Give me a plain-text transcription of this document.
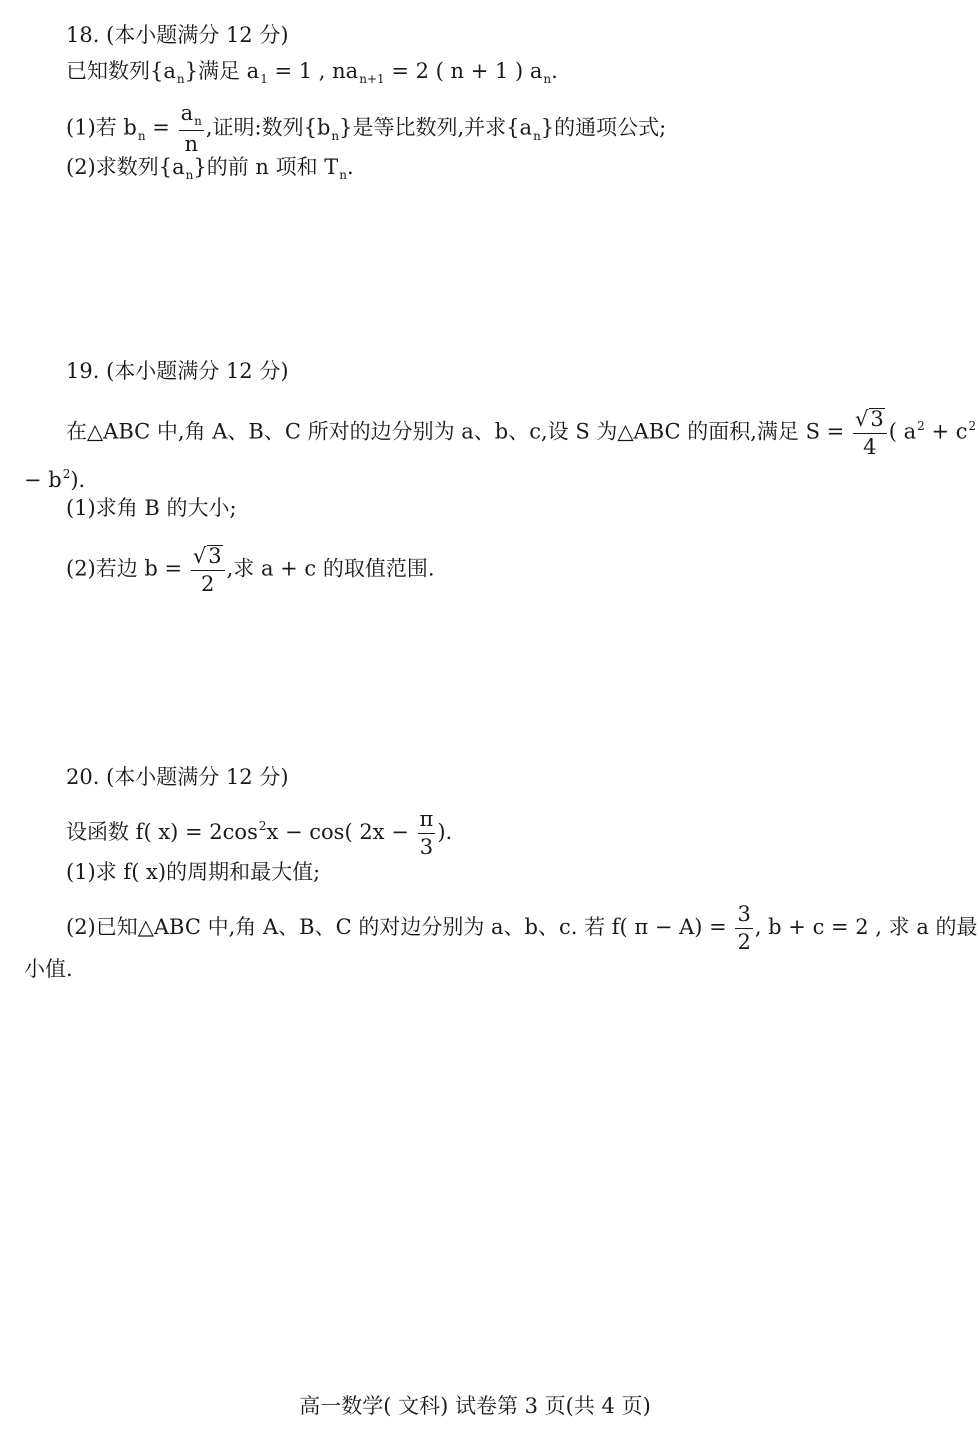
18. (本小题满分 12 分)
已知数列$\{a_n\}$满足 $a_1 = 1$ , $na_{n+1} = 2$ ( n + 1 ) $a_n$.
(1)若 $b_n = \frac{a_n}{n}$ ,证明:数列$\{b_n\}$是等比数列,并求$\{a_n\}$的通项公式;
(2)求数列$\{a_n\}$的前 n 项和 $T_n$.
19. (本小题满分 12 分)
在△ABC 中,角 A、B、C 所对的边分别为 a、b、c,设 S 为△ABC 的面积,满足 $S = \frac{√3}{4}$ ( $a^2 + c^2$
− $b^2$).
(1)求角 B 的大小;
(2)若边 $b = \frac{√3}{2}$ ,求 a + c 的取值范围.
20. (本小题满分 12 分)
设函数 f( $x) = 2\cos^2x - \cos$( $2x - \frac{\pi}{3}$ ).
(1)求 f( x)的周期和最大值;
(2)已知△ABC 中,角 A、B、C 的对边分别为 a、b、c. 若 f( $\pi - A) = \frac{3}{2}$ , b + c = 2 , 求 a 的最
小值.
高一数学( 文科) 试卷第 3 页(共 4 页)
